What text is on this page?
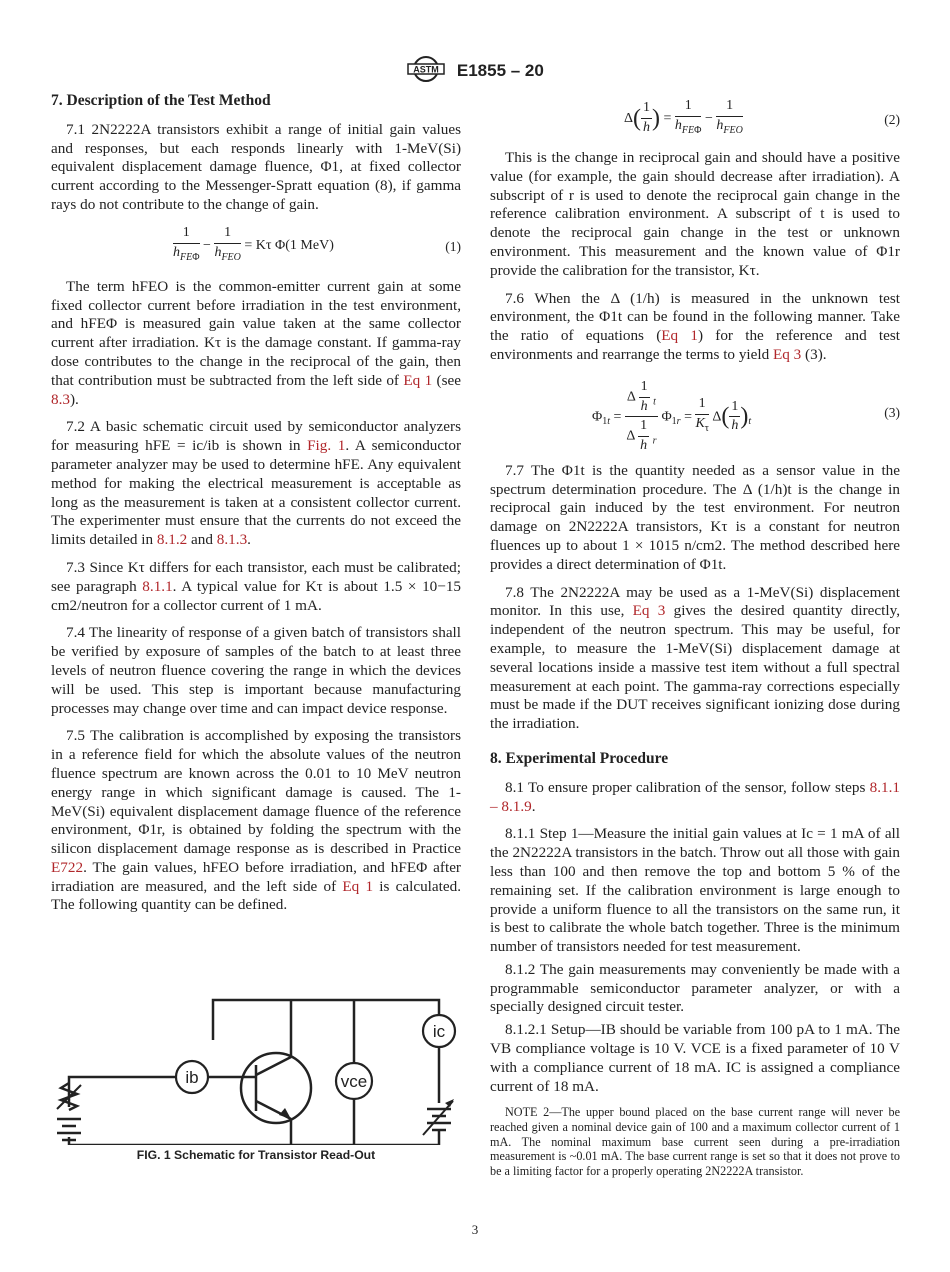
ASTM E1855 – 20
7. Description of the Test Method

7.1 2N2222A transistors exhibit a range of initial gain values and responses, but each responds linearly with 1-MeV(Si) equivalent displacement damage fluence, Φ1, at fixed collector current according to the Messenger-Spratt equation (8), if gamma rays do not contribute to the change of gain.

$\frac{1}{h_{FE\Phi}} - \frac{1}{h_{FEO}} = K\tau$ Φ(1 MeV)	(1)

The term hFEO is the common-emitter current gain at some fixed collector current before irradiation in the test environment, and hFEΦ is measured gain value taken at the same collector current after irradiation. Kτ is the damage constant. If gamma-ray dose contributes to the change in the reciprocal of the gain, then that contribution must be subtracted from the left side of Eq 1 (see 8.3).

7.2 A basic schematic circuit used by semiconductor analyzers for measuring hFE = ic/ib is shown in Fig. 1. A semiconductor parameter analyzer may be used to determine hFE. Any equivalent method for making the electrical measurement is acceptable as long as the measurement is taken at a consistent collector current. The experimenter must ensure that the currents do not exceed the limits detailed in 8.1.2 and 8.1.3.

7.3 Since Kτ differs for each transistor, each must be calibrated; see paragraph 8.1.1. A typical value for Kτ is about 1.5 × 10−15 cm2/neutron for a collector current of 1 mA.

7.4 The linearity of response of a given batch of transistors shall be verified by exposure of samples of the batch to at least three levels of neutron fluence covering the range in which the devices will be used. This step is important because manufacturing processes may change over time and can impact device response.

7.5 The calibration is accomplished by exposing the transistors in a reference field for which the absolute values of the neutron fluence spectrum are known across the 0.01 to 10 MeV neutron energy range in which significant damage is caused. The 1-MeV(Si) equivalent displacement damage fluence of the reference environment, Φ1r, is obtained by folding the spectrum with the silicon displacement damage response as is described in Practice E722. The gain values, hFEO before irradiation, and hFEΦ after irradiation are measured, and the left side of Eq 1 is calculated. The following quantity can be defined.

ib	vce
ic
FIG. 1 Schematic for Transistor Read-Out
$\Delta( \frac{1}{h}$ ) = $\frac{1}{h_{FE\Phi}} - \frac{1}{h_{FEO}}$	(2)

This is the change in reciprocal gain and should have a positive value (for example, the gain should decrease after irradiation). A subscript of r is used to denote the reciprocal gain change in the reference calibration environment. A subscript of t is used to denote the reciprocal gain change in the test or unknown environment. This measurement and the known value of Φ1r provide the calibration for the transistor, Kτ.

7.6 When the Δ (1/h) is measured in the unknown test environment, the Φ1t can be found in the following manner. Take the ratio of equations (Eq 1) for the reference and test environments and rearrange the terms to yield Eq 3 (3).

$\Phi_{1t} = \frac{\Delta \frac{1}{h} _t}{\Delta \frac{1}{h} _r} \Phi_{1r} = \frac{1}{K_\tau} \Delta( \frac{1}{h} )_t$
(3)

7.7 The Φ1t is the quantity needed as a sensor value in the spectrum determination procedure. The Δ (1/h)t is the change in reciprocal gain induced by the test environment. For neutron damage on 2N2222A transistors, Kτ is a constant for neutron fluences up to about 1 × 1015 n/cm2. The method described here provides a direct determination of Φ1t.

7.8 The 2N2222A may be used as a 1-MeV(Si) displacement monitor. In this use, Eq 3 gives the desired quantity directly, independent of the neutron spectrum. This may be useful, for example, to measure the 1-MeV(Si) displacement damage at several locations inside a massive test item without a full spectral measurement at each point. The gamma-ray corrections especially must be made if the DUT receives significant ionizing dose during the irradiation.

8. Experimental Procedure

8.1 To ensure proper calibration of the sensor, follow steps 8.1.1 – 8.1.9.

8.1.1 Step 1—Measure the initial gain values at Ic = 1 mA of all the 2N2222A transistors in the batch. Throw out all those with gain less than 100 and then remove the top and bottom 5 % of the remaining set. If the calibration environment is large enough to provide a uniform fluence to all the transistors on the same run, it is best to calibrate the whole batch together. Three is the minimum number of transistors needed for test measurement.

8.1.2 The gain measurements may conveniently be made with a programmable semiconductor parameter analyzer, or with a specially designed circuit tester.

8.1.2.1 Setup—IB should be variable from 100 pA to 1 mA. The VB compliance voltage is 10 V. VCE is a fixed parameter of 10 V with a compliance current of 18 mA. IC is assigned a compliance current of 18 mA.

NOTE 2—The upper bound placed on the base current range will never be reached given a nominal device gain of 100 and a maximum collector current of 1 mA. The nominal maximum base current seen during a pre-irradiation measurement is ~0.01 mA. The base current range is set so that it does not prove to be a limiting factor for a properly operating 2N2222A transistor.

3
